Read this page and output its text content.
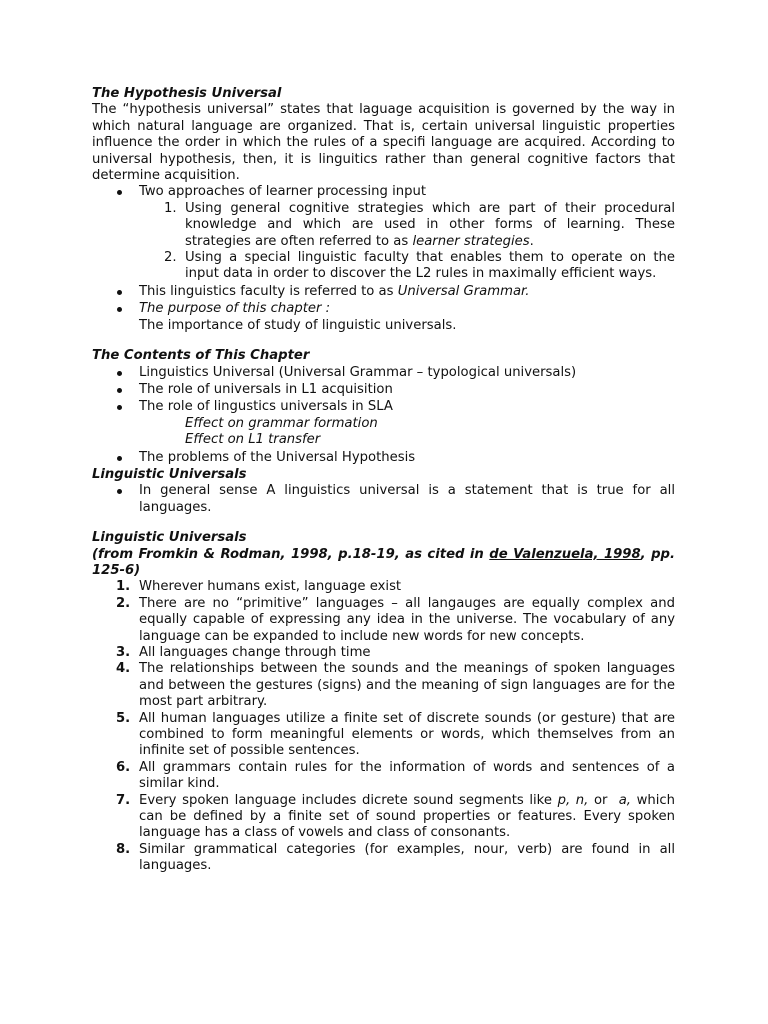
The Hypothesis Universal

The “hypothesis universal” states that laguage acquisition is governed by the way in which natural language are organized. That is, certain universal linguistic properties influence the order in which the rules of a specifi language are acquired. According to universal hypothesis, then, it is linguitics rather than general cognitive factors that determine acquisition.

Two approaches of learner processing input
1. Using general cognitive strategies which are part of their procedural knowledge and which are used in other forms of learning. These strategies are often referred to as learner strategies.
2. Using a special linguistic faculty that enables them to operate on the input data in order to discover the L2 rules in maximally efficient ways.
This linguistics faculty is referred to as Universal Grammar.
The purpose of this chapter :
The importance of study of linguistic universals.

The Contents of This Chapter

Linguistics Universal (Universal Grammar – typological universals)
The role of universals in L1 acquisition
The role of lingustics universals in SLA
Effect on grammar formation
Effect on L1 transfer
The problems of the Universal Hypothesis

Linguistic Universals

In general sense A linguistics universal is a statement that is true for all languages.

Linguistic Universals

(from Fromkin & Rodman, 1998, p.18-19, as cited in de Valenzuela, 1998, pp. 125-6)

1. Wherever humans exist, language exist
2. There are no “primitive” languages – all langauges are equally complex and equally capable of expressing any idea in the universe. The vocabulary of any language can be expanded to include new words for new concepts.
3. All languages change through time
4. The relationships between the sounds and the meanings of spoken languages and between the gestures (signs) and the meaning of sign languages are for the most part arbitrary.
5. All human languages utilize a finite set of discrete sounds (or gesture) that are combined to form meaningful elements or words, which themselves from an infinite set of possible sentences.
6. All grammars contain rules for the information of words and sentences of a similar kind.
7. Every spoken language includes dicrete sound segments like p, n, or  a, which can be defined by a finite set of sound properties or features. Every spoken language has a class of vowels and class of consonants.
8. Similar grammatical categories (for examples, nour, verb) are found in all languages.
